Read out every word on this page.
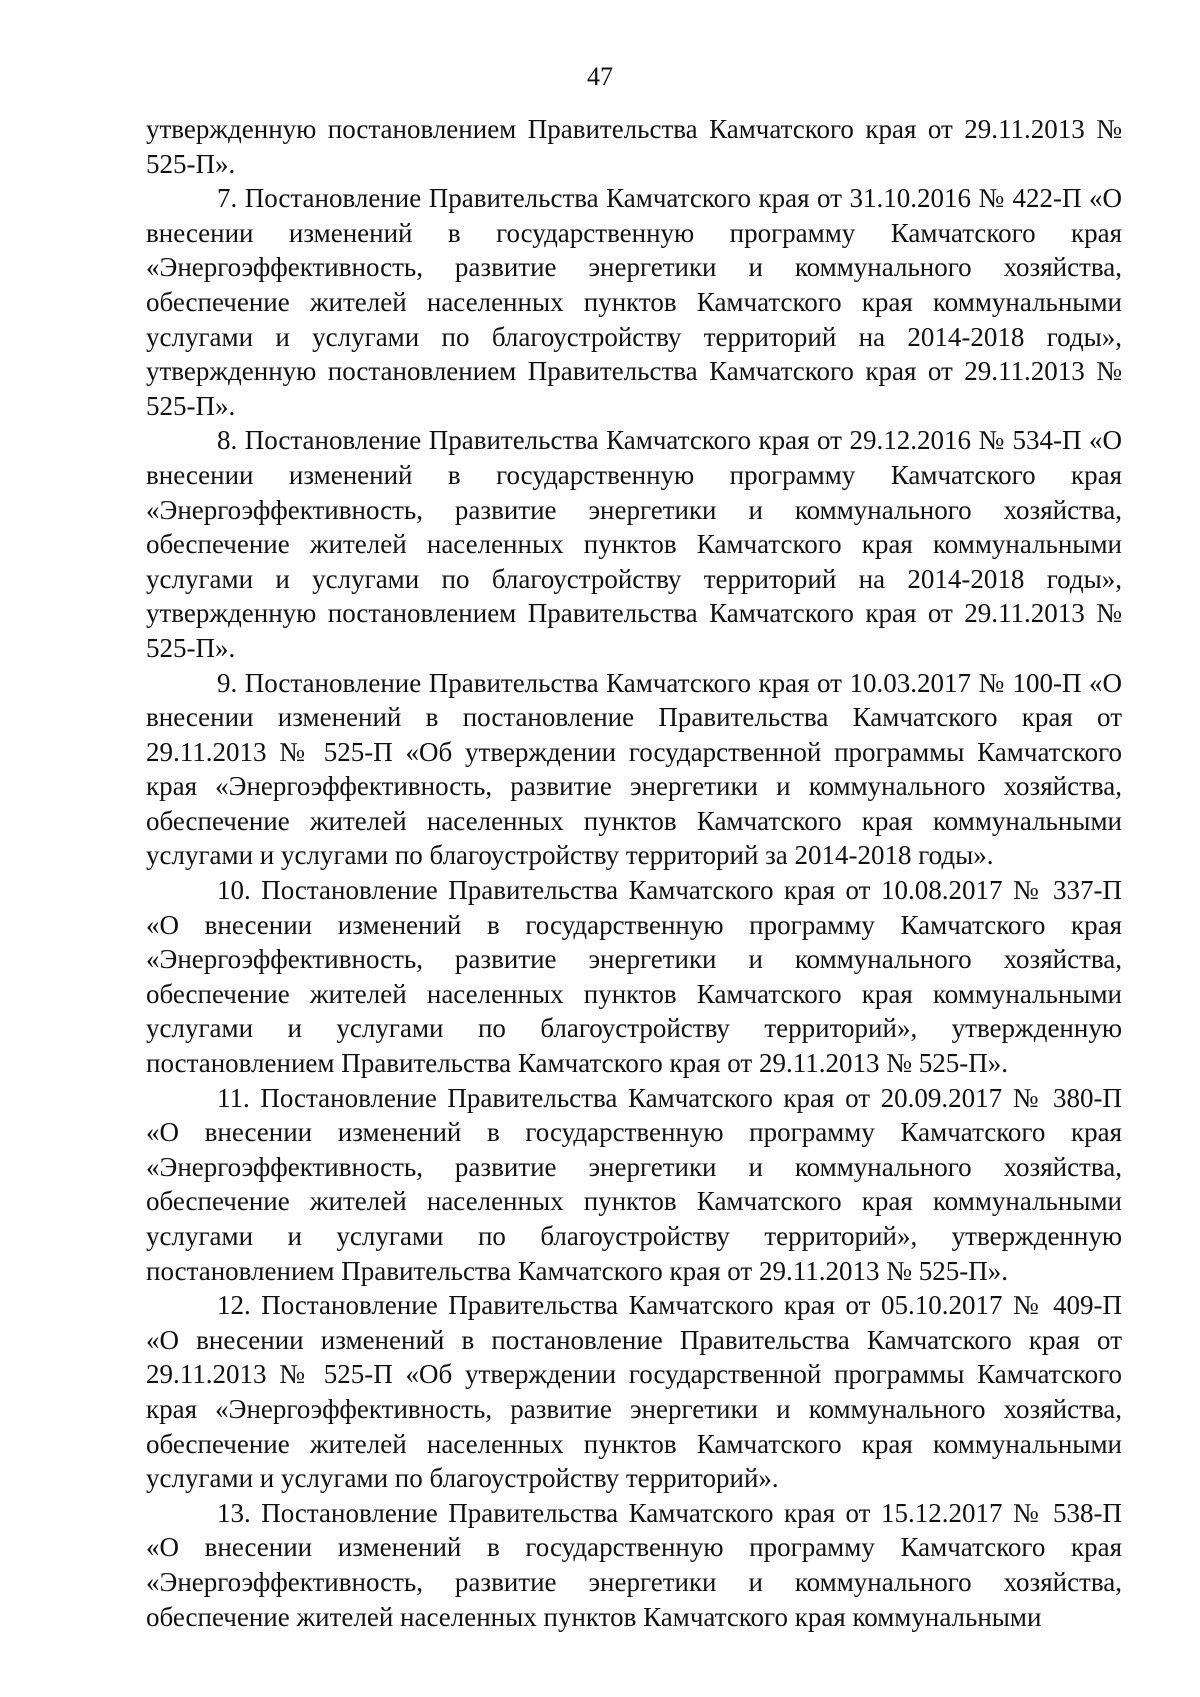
47

утвержденную постановлением Правительства Камчатского края от 29.11.2013 № 525-П».

7. Постановление Правительства Камчатского края от 31.10.2016 № 422-П «О внесении изменений в государственную программу Камчатского края «Энергоэффективность, развитие энергетики и коммунального хозяйства, обеспечение жителей населенных пунктов Камчатского края коммунальными услугами и услугами по благоустройству территорий на 2014-2018 годы», утвержденную постановлением Правительства Камчатского края от 29.11.2013 № 525-П».

8. Постановление Правительства Камчатского края от 29.12.2016 № 534-П «О внесении изменений в государственную программу Камчатского края «Энергоэффективность, развитие энергетики и коммунального хозяйства, обеспечение жителей населенных пунктов Камчатского края коммунальными услугами и услугами по благоустройству территорий на 2014-2018 годы», утвержденную постановлением Правительства Камчатского края от 29.11.2013 № 525-П».

9. Постановление Правительства Камчатского края от 10.03.2017 № 100-П «О внесении изменений в постановление Правительства Камчатского края от 29.11.2013 № 525-П «Об утверждении государственной программы Камчатского края «Энергоэффективность, развитие энергетики и коммунального хозяйства, обеспечение жителей населенных пунктов Камчатского края коммунальными услугами и услугами по благоустройству территорий за 2014-2018 годы».

10. Постановление Правительства Камчатского края от 10.08.2017 № 337-П «О внесении изменений в государственную программу Камчатского края «Энергоэффективность, развитие энергетики и коммунального хозяйства, обеспечение жителей населенных пунктов Камчатского края коммунальными услугами и услугами по благоустройству территорий», утвержденную постановлением Правительства Камчатского края от 29.11.2013 № 525-П».

11. Постановление Правительства Камчатского края от 20.09.2017 № 380-П «О внесении изменений в государственную программу Камчатского края «Энергоэффективность, развитие энергетики и коммунального хозяйства, обеспечение жителей населенных пунктов Камчатского края коммунальными услугами и услугами по благоустройству территорий», утвержденную постановлением Правительства Камчатского края от 29.11.2013 № 525-П».

12. Постановление Правительства Камчатского края от 05.10.2017 № 409-П «О внесении изменений в постановление Правительства Камчатского края от 29.11.2013 № 525-П «Об утверждении государственной программы Камчатского края «Энергоэффективность, развитие энергетики и коммунального хозяйства, обеспечение жителей населенных пунктов Камчатского края коммунальными услугами и услугами по благоустройству территорий».

13. Постановление Правительства Камчатского края от 15.12.2017 № 538-П «О внесении изменений в государственную программу Камчатского края «Энергоэффективность, развитие энергетики и коммунального хозяйства, обеспечение жителей населенных пунктов Камчатского края коммунальными
